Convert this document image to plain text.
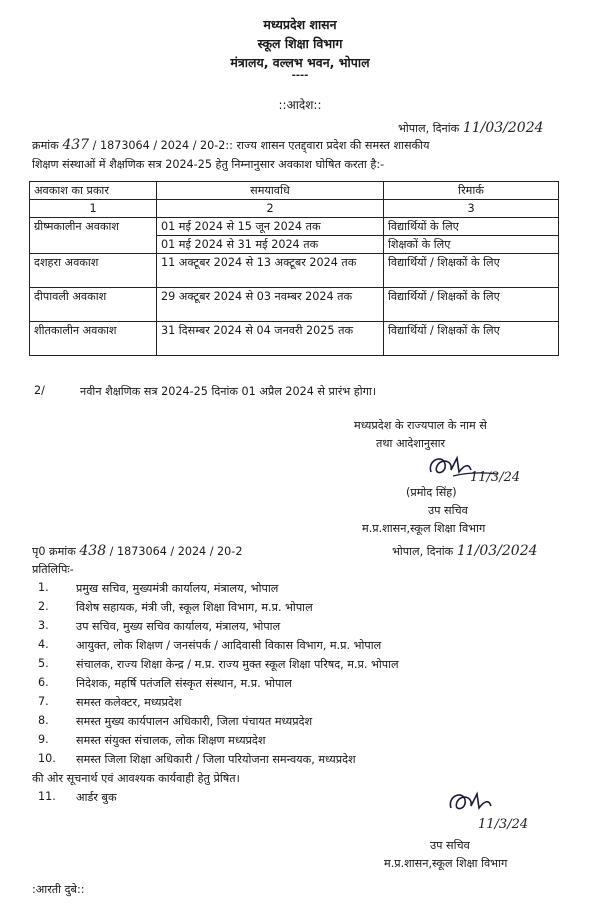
मध्यप्रदेश शासन
स्कूल शिक्षा विभाग
मंत्रालय, वल्लभ भवन, भोपाल
----
::आदेश::
भोपाल, दिनांक 11/03/2024
क्रमांक 437 / 1873064 / 2024 / 20-2:: राज्य शासन एतद्द्वारा प्रदेश की समस्त शासकीय
शिक्षण संस्थाओं में शैक्षणिक सत्र 2024-25 हेतु निम्नानुसार अवकाश घोषित करता है:-
अवकाश का प्रकार	समयावधि	रिमार्क
1	2	3
ग्रीष्मकालीन अवकाश	01 मई 2024 से 15 जून 2024 तक	विद्यार्थियों के लिए
	01 मई 2024 से 31 मई 2024 तक	शिक्षकों के लिए
दशहरा अवकाश	11 अक्टूबर 2024 से 13 अक्टूबर 2024 तक	विद्यार्थियों / शिक्षकों के लिए
दीपावली अवकाश	29 अक्टूबर 2024 से 03 नवम्बर 2024 तक	विद्यार्थियों / शिक्षकों के लिए
शीतकालीन अवकाश	31 दिसम्बर 2024 से 04 जनवरी 2025 तक	विद्यार्थियों / शिक्षकों के लिए
2/	नवीन शैक्षणिक सत्र 2024-25 दिनांक 01 अप्रैल 2024 से प्रारंभ होगा।
मध्यप्रदेश के राज्यपाल के नाम से
तथा आदेशानुसार
11/3/24
(प्रमोद सिंह)
उप सचिव
म.प्र.शासन,स्कूल शिक्षा विभाग
पृ0 क्रमांक 438 / 1873064 / 2024 / 20-2	भोपाल, दिनांक 11/03/2024
प्रतिलिपिः-
1. प्रमुख सचिव, मुख्यमंत्री कार्यालय, मंत्रालय, भोपाल
2. विशेष सहायक, मंत्री जी, स्कूल शिक्षा विभाग, म.प्र. भोपाल
3. उप सचिव, मुख्य सचिव कार्यालय, मंत्रालय, भोपाल
4. आयुक्त, लोक शिक्षण / जनसंपर्क / आदिवासी विकास विभाग, म.प्र. भोपाल
5. संचालक, राज्य शिक्षा केन्द्र / म.प्र. राज्य मुक्त स्कूल शिक्षा परिषद, म.प्र. भोपाल
6. निदेशक, महर्षि पतंजलि संस्कृत संस्थान, म.प्र. भोपाल
7. समस्त कलेक्टर, मध्यप्रदेश
8. समस्त मुख्य कार्यपालन अधिकारी, जिला पंचायत मध्यप्रदेश
9. समस्त संयुक्त संचालक, लोक शिक्षण मध्यप्रदेश
10. समस्त जिला शिक्षा अधिकारी / जिला परियोजना समन्वयक, मध्यप्रदेश
की ओर सूचनार्थ एवं आवश्यक कार्यवाही हेतु प्रेषित।
11. आर्डर बुक
11/3/24
उप सचिव
म.प्र.शासन,स्कूल शिक्षा विभाग
:आरती दुबे::
